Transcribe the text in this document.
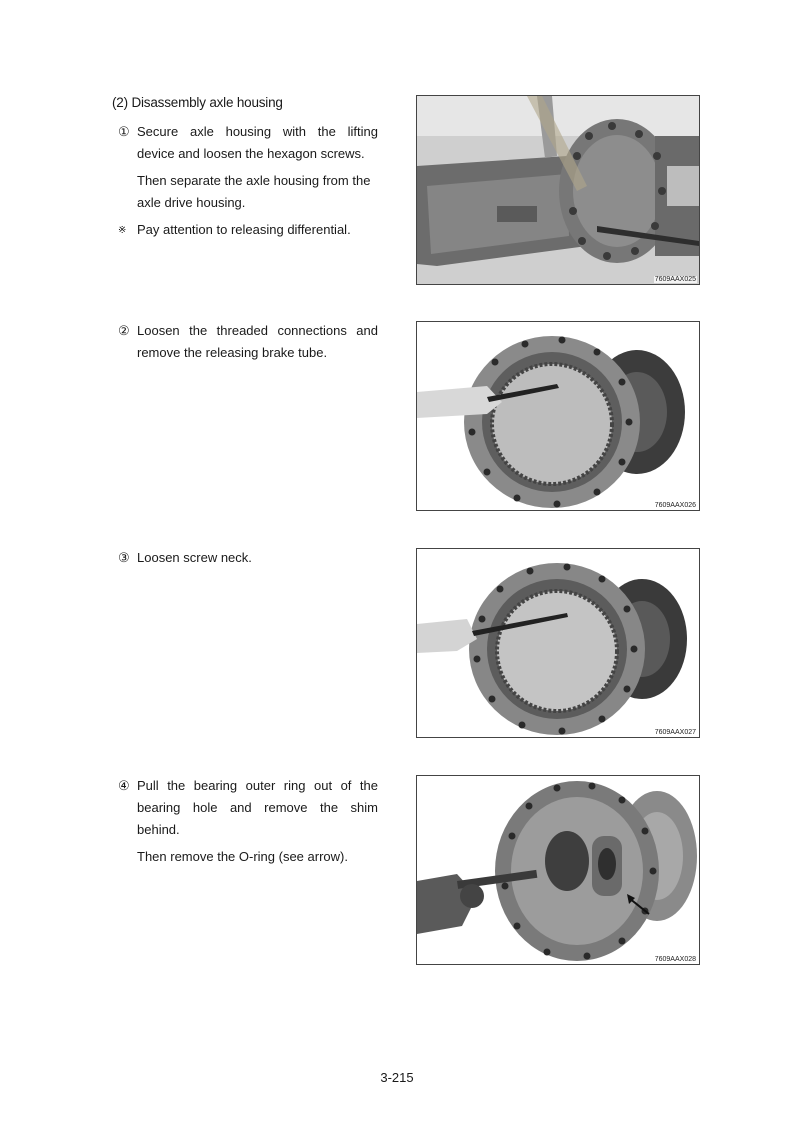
(2) Disassembly axle housing
① Secure axle housing with the lifting device and loosen the hexagon screws.
Then separate the axle housing from the axle drive housing.
※ Pay attention to releasing differential.
7609AAX025
② Loosen the threaded connections and remove the releasing brake tube.
7609AAX026
③ Loosen screw neck.
7609AAX027
④ Pull the bearing outer ring out of the bearing hole and remove the shim behind.
Then remove the O-ring (see arrow).
7609AAX028
3-215
